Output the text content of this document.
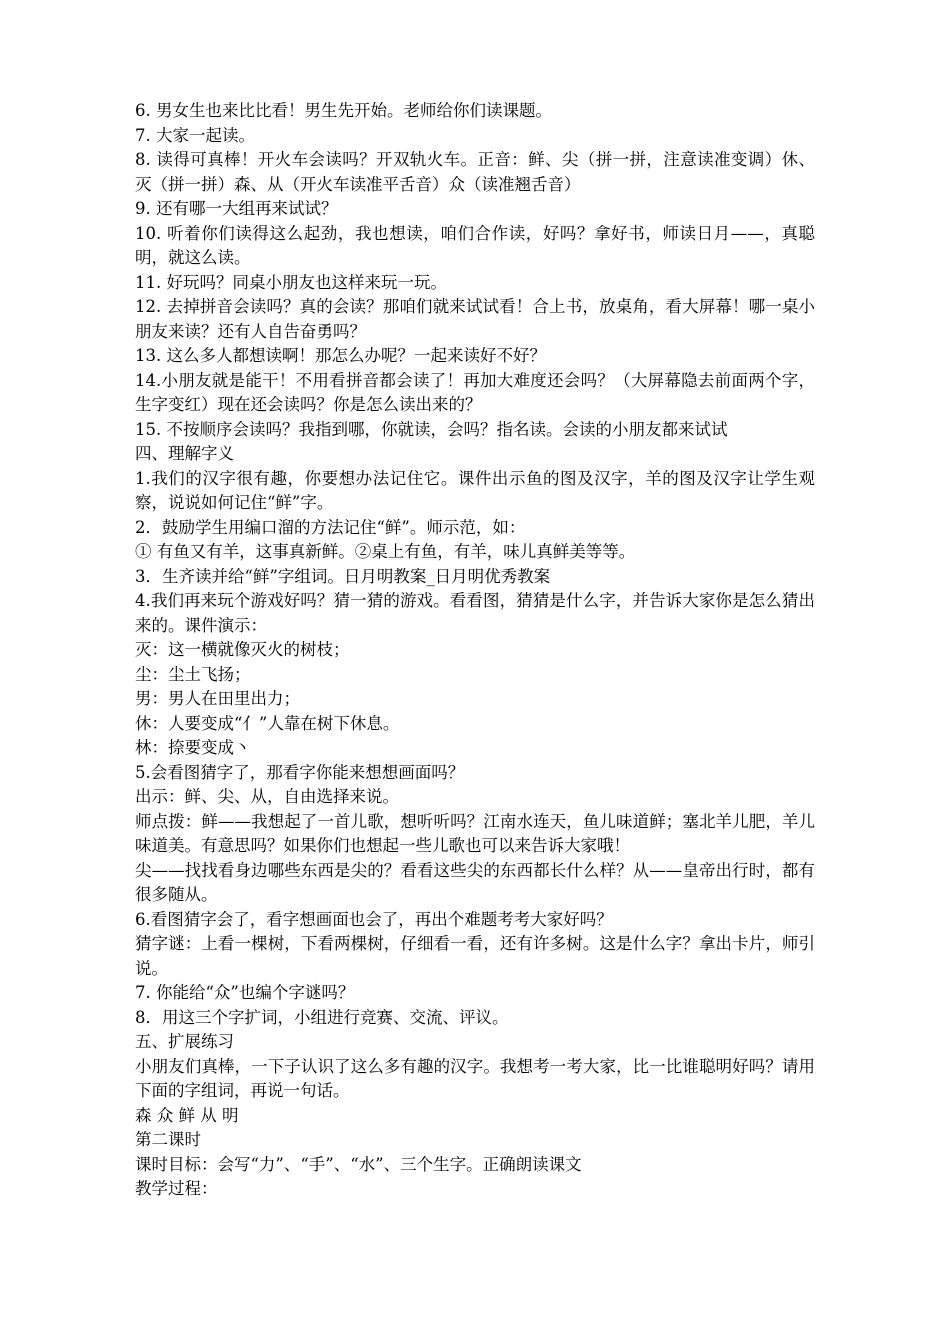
6. 男女生也来比比看！男生先开始。老师给你们读课题。

7. 大家一起读。

8. 读得可真棒！开火车会读吗？开双轨火车。正音：鲜、尖（拼一拼，注意读准变调）休、灭（拼一拼）森、从（开火车读准平舌音）众（读准翘舌音）

9. 还有哪一大组再来试试？

10. 听着你们读得这么起劲，我也想读，咱们合作读，好吗？拿好书，师读日月——，真聪明，就这么读。

11. 好玩吗？同桌小朋友也这样来玩一玩。

12. 去掉拼音会读吗？真的会读？那咱们就来试试看！合上书，放桌角，看大屏幕！哪一桌小朋友来读？还有人自告奋勇吗？

13. 这么多人都想读啊！那怎么办呢？一起来读好不好？

14.小朋友就是能干！不用看拼音都会读了！再加大难度还会吗？（大屏幕隐去前面两个字，生字变红）现在还会读吗？你是怎么读出来的？

15. 不按顺序会读吗？我指到哪，你就读，会吗？指名读。会读的小朋友都来试试

四、理解字义

1.我们的汉字很有趣，你要想办法记住它。课件出示鱼的图及汉字，羊的图及汉字让学生观察，说说如何记住“鲜”字。

2．鼓励学生用编口溜的方法记住“鲜”。师示范，如：

① 有鱼又有羊，这事真新鲜。②桌上有鱼，有羊，味儿真鲜美等等。

3．生齐读并给“鲜”字组词。日月明教案_日月明优秀教案

4.我们再来玩个游戏好吗？猜一猜的游戏。看看图，猜猜是什么字，并告诉大家你是怎么猜出来的。课件演示：

灭：这一横就像灭火的树枝；

尘：尘土飞扬；

男：男人在田里出力；

休：人要变成“亻”人靠在树下休息。

林：捺要变成丶

5.会看图猜字了，那看字你能来想想画面吗？

出示：鲜、尖、从，自由选择来说。

师点拨：鲜——我想起了一首儿歌，想听听吗？江南水连天，鱼儿味道鲜；塞北羊儿肥，羊儿味道美。有意思吗？如果你们也想起一些儿歌也可以来告诉大家哦！

尖——找找看身边哪些东西是尖的？看看这些尖的东西都长什么样？从——皇帝出行时，都有很多随从。

6.看图猜字会了，看字想画面也会了，再出个难题考考大家好吗？

猜字谜：上看一棵树，下看两棵树，仔细看一看，还有许多树。这是什么字？拿出卡片，师引说。

7. 你能给“众”也编个字谜吗？

8．用这三个字扩词，小组进行竞赛、交流、评议。

五、扩展练习

小朋友们真棒，一下子认识了这么多有趣的汉字。我想考一考大家，比一比谁聪明好吗？请用下面的字组词，再说一句话。

森 众 鲜 从 明

第二课时

课时目标：会写“力”、“手”、“水”、三个生字。正确朗读课文

教学过程：
